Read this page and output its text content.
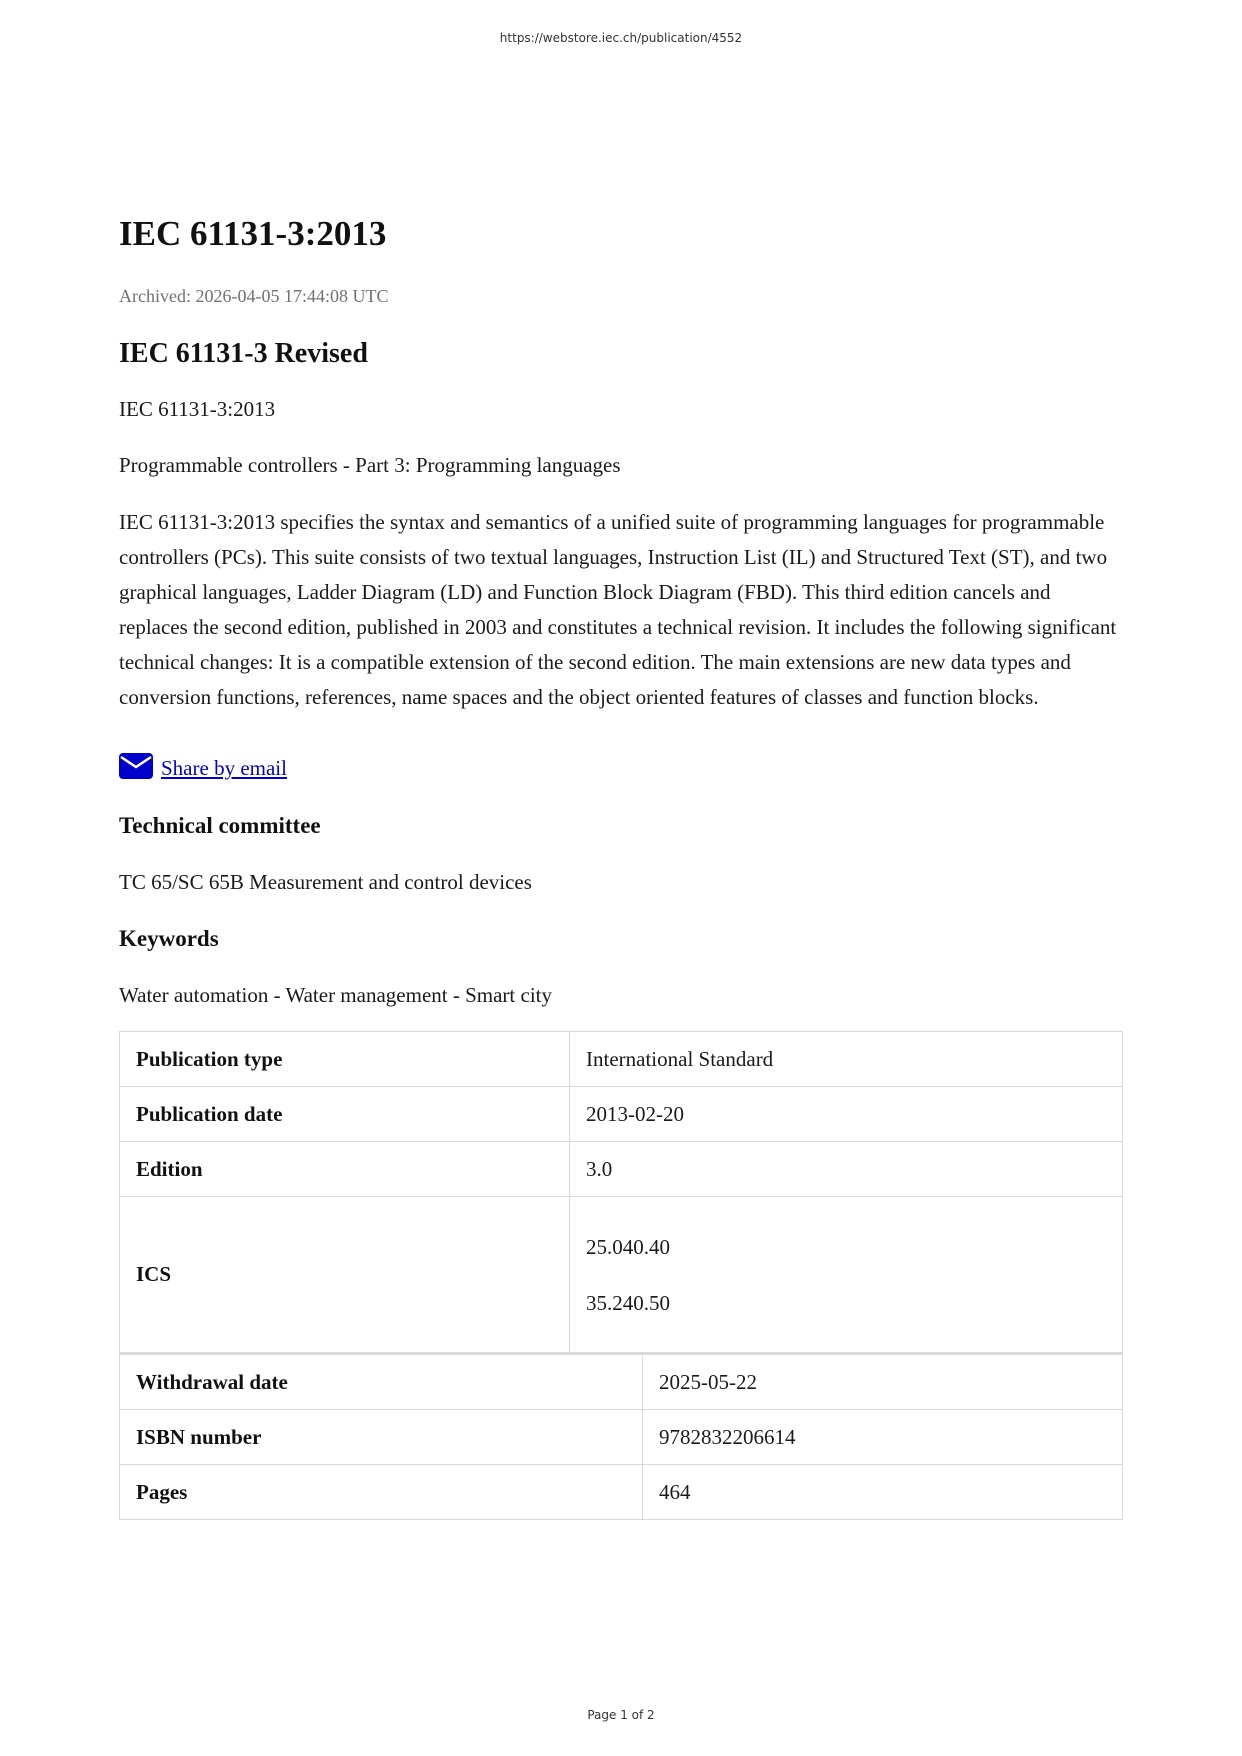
https://webstore.iec.ch/publication/4552
IEC 61131-3:2013
Archived: 2026-04-05 17:44:08 UTC
IEC 61131-3 Revised

IEC 61131-3:2013

Programmable controllers - Part 3: Programming languages

IEC 61131-3:2013 specifies the syntax and semantics of a unified suite of programming languages for programmable controllers (PCs). This suite consists of two textual languages, Instruction List (IL) and Structured Text (ST), and two graphical languages, Ladder Diagram (LD) and Function Block Diagram (FBD). This third edition cancels and replaces the second edition, published in 2003 and constitutes a technical revision. It includes the following significant technical changes: It is a compatible extension of the second edition. The main extensions are new data types and conversion functions, references, name spaces and the object oriented features of classes and function blocks.

Share by email
Technical committee

TC 65/SC 65B Measurement and control devices

Keywords

Water automation - Water management - Smart city

Publication type	International Standard
Publication date	2013-02-20
Edition	3.0
ICS	25.040.40
35.240.50
Withdrawal date	2025-05-22
ISBN number	9782832206614
Pages	464
Page 1 of 2
